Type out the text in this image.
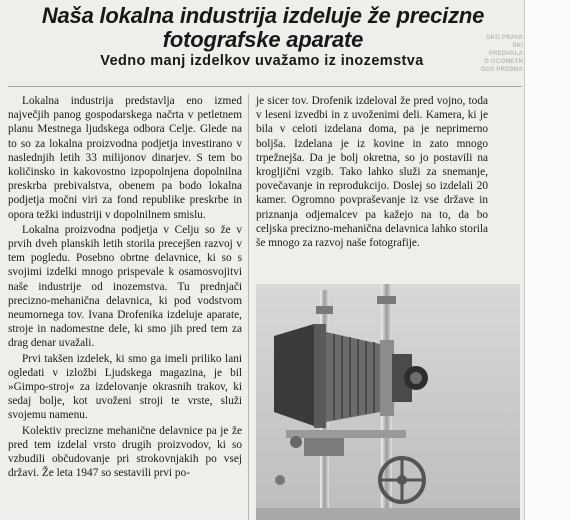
SKO PRAVA
SKI
PREDVALA
D OCOMETN
DOS PREDNA
Naša lokalna industrija izdeluje že precizne fotografske aparate
Vedno manj izdelkov uvažamo iz inozemstva

Lokalna industrija predstavlja eno izmed največjih panog gospodarskega načrta v petletnem planu Mestnega ljudskega odbora Celje. Glede na to so za lokalna proizvodna podjetja investirano v naslednjih letih 33 milijonov dinarjev. S tem bo količinsko in kakovostno izpopolnjena dopolnilna preskrba prebivalstva, obenem pa bodo lokalna podjetja močni viri za fond republike preskrbe in opora težki industriji v dopolnilnem smislu.

Lokalna proizvodna podjetja v Celju so že v prvih dveh planskih letih storila precejšen razvoj v tem pogledu. Posebno obrtne delavnice, ki so s svojimi izdelki mnogo prispevale k osamosvojitvi naše industrije od inozemstva. Tu prednjači precizno-mehanična delavnica, ki pod vodstvom neumornega tov. Ivana Drofenika izdeluje aparate, stroje in nadomestne dele, ki smo jih pred tem za drag denar uvažali.

Prvi takšen izdelek, ki smo ga imeli priliko lani ogledati v izložbi Ljudskega magazina, je bil »Gimpo-stroj« za izdelovanje okrasnih trakov, ki sedaj bolje, kot uvoženi stroji te vrste, služi svojemu namenu.

Kolektiv precizne mehanične delavnice pa je že pred tem izdelal vrsto drugih proizvodov, ki so vzbudili občudovanje pri strokovnjakih po vsej državi. Že leta 1947 so sestavili prvi po-

je sicer tov. Drofenik izdeloval že pred vojno, toda v leseni izvedbi in z uvoženimi deli. Kamera, ki je bila v celoti izdelana doma, pa je neprimerno boljša. Izdelana je iz kovine in zato mnogo trpežnejša. Da je bolj okretna, so jo postavili na krogljični vzgib. Tako lahko služi za snemanje, povečavanje in reprodukcijo. Doslej so izdelali 20 kamer. Ogromno povpraševanje iz vse države in priznanja odjemalcev pa kažejo na to, da bo celjska precizno-mehanična delavnica lahko storila še mnogo za razvoj naše fotografije.
